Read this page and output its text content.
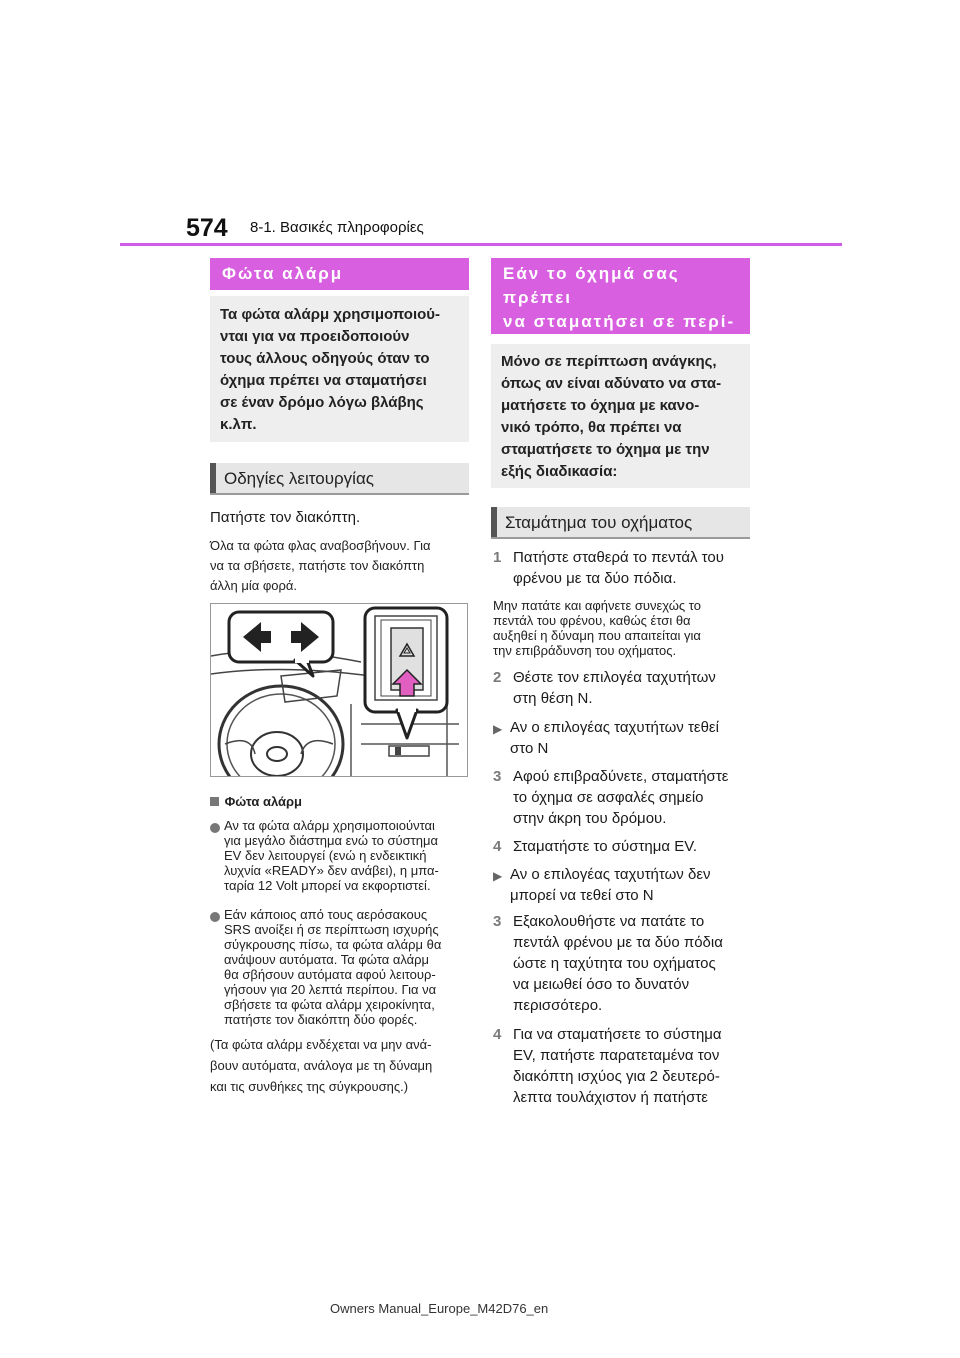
574 8-1. Βασικές πληροφορίες
Φώτα αλάρμ
Τα φώτα αλάρμ χρησιμοποιού-
νται για να προειδοποιούν
τους άλλους οδηγούς όταν το
όχημα πρέπει να σταματήσει
σε έναν δρόμο λόγω βλάβης
κ.λπ.
Οδηγίες λειτουργίας
Πατήστε τον διακόπτη.
Όλα τα φώτα φλας αναβοσβήνουν. Για
να τα σβήσετε, πατήστε τον διακόπτη
άλλη μία φορά.
Φώτα αλάρμ
Αν τα φώτα αλάρμ χρησιμοποιούνται
για μεγάλο διάστημα ενώ το σύστημα
EV δεν λειτουργεί (ενώ η ενδεικτική
λυχνία «READY» δεν ανάβει), η μπα-
ταρία 12 Volt μπορεί να εκφορτιστεί.
Εάν κάποιος από τους αερόσακους
SRS ανοίξει ή σε περίπτωση ισχυρής
σύγκρουσης πίσω, τα φώτα αλάρμ θα
ανάψουν αυτόματα. Τα φώτα αλάρμ
θα σβήσουν αυτόματα αφού λειτουρ-
γήσουν για 20 λεπτά περίπου. Για να
σβήσετε τα φώτα αλάρμ χειροκίνητα,
πατήστε τον διακόπτη δύο φορές.
(Τα φώτα αλάρμ ενδέχεται να μην ανά-
βουν αυτόματα, ανάλογα με τη δύναμη
και τις συνθήκες της σύγκρουσης.)
Εάν το όχημά σας πρέπει
να σταματήσει σε περί-
Μόνο σε περίπτωση ανάγκης,
όπως αν είναι αδύνατο να στα-
ματήσετε το όχημα με κανο-
νικό τρόπο, θα πρέπει να
σταματήσετε το όχημα με την
εξής διαδικασία:
Σταμάτημα του οχήματος
1 Πατήστε σταθερά το πεντάλ του
φρένου με τα δύο πόδια.
Μην πατάτε και αφήνετε συνεχώς το
πεντάλ του φρένου, καθώς έτσι θα
αυξηθεί η δύναμη που απαιτείται για
την επιβράδυνση του οχήματος.
2 Θέστε τον επιλογέα ταχυτήτων
στη θέση N.
▶ Αν ο επιλογέας ταχυτήτων τεθεί
στο N
3 Αφού επιβραδύνετε, σταματήστε
το όχημα σε ασφαλές σημείο
στην άκρη του δρόμου.
4 Σταματήστε το σύστημα EV.
▶ Αν ο επιλογέας ταχυτήτων δεν
μπορεί να τεθεί στο N
3 Εξακολουθήστε να πατάτε το
πεντάλ φρένου με τα δύο πόδια
ώστε η ταχύτητα του οχήματος
να μειωθεί όσο το δυνατόν
περισσότερο.
4 Για να σταματήσετε το σύστημα
EV, πατήστε παρατεταμένα τον
διακόπτη ισχύος για 2 δευτερό-
λεπτα τουλάχιστον ή πατήστε
Owners Manual_Europe_M42D76_en
